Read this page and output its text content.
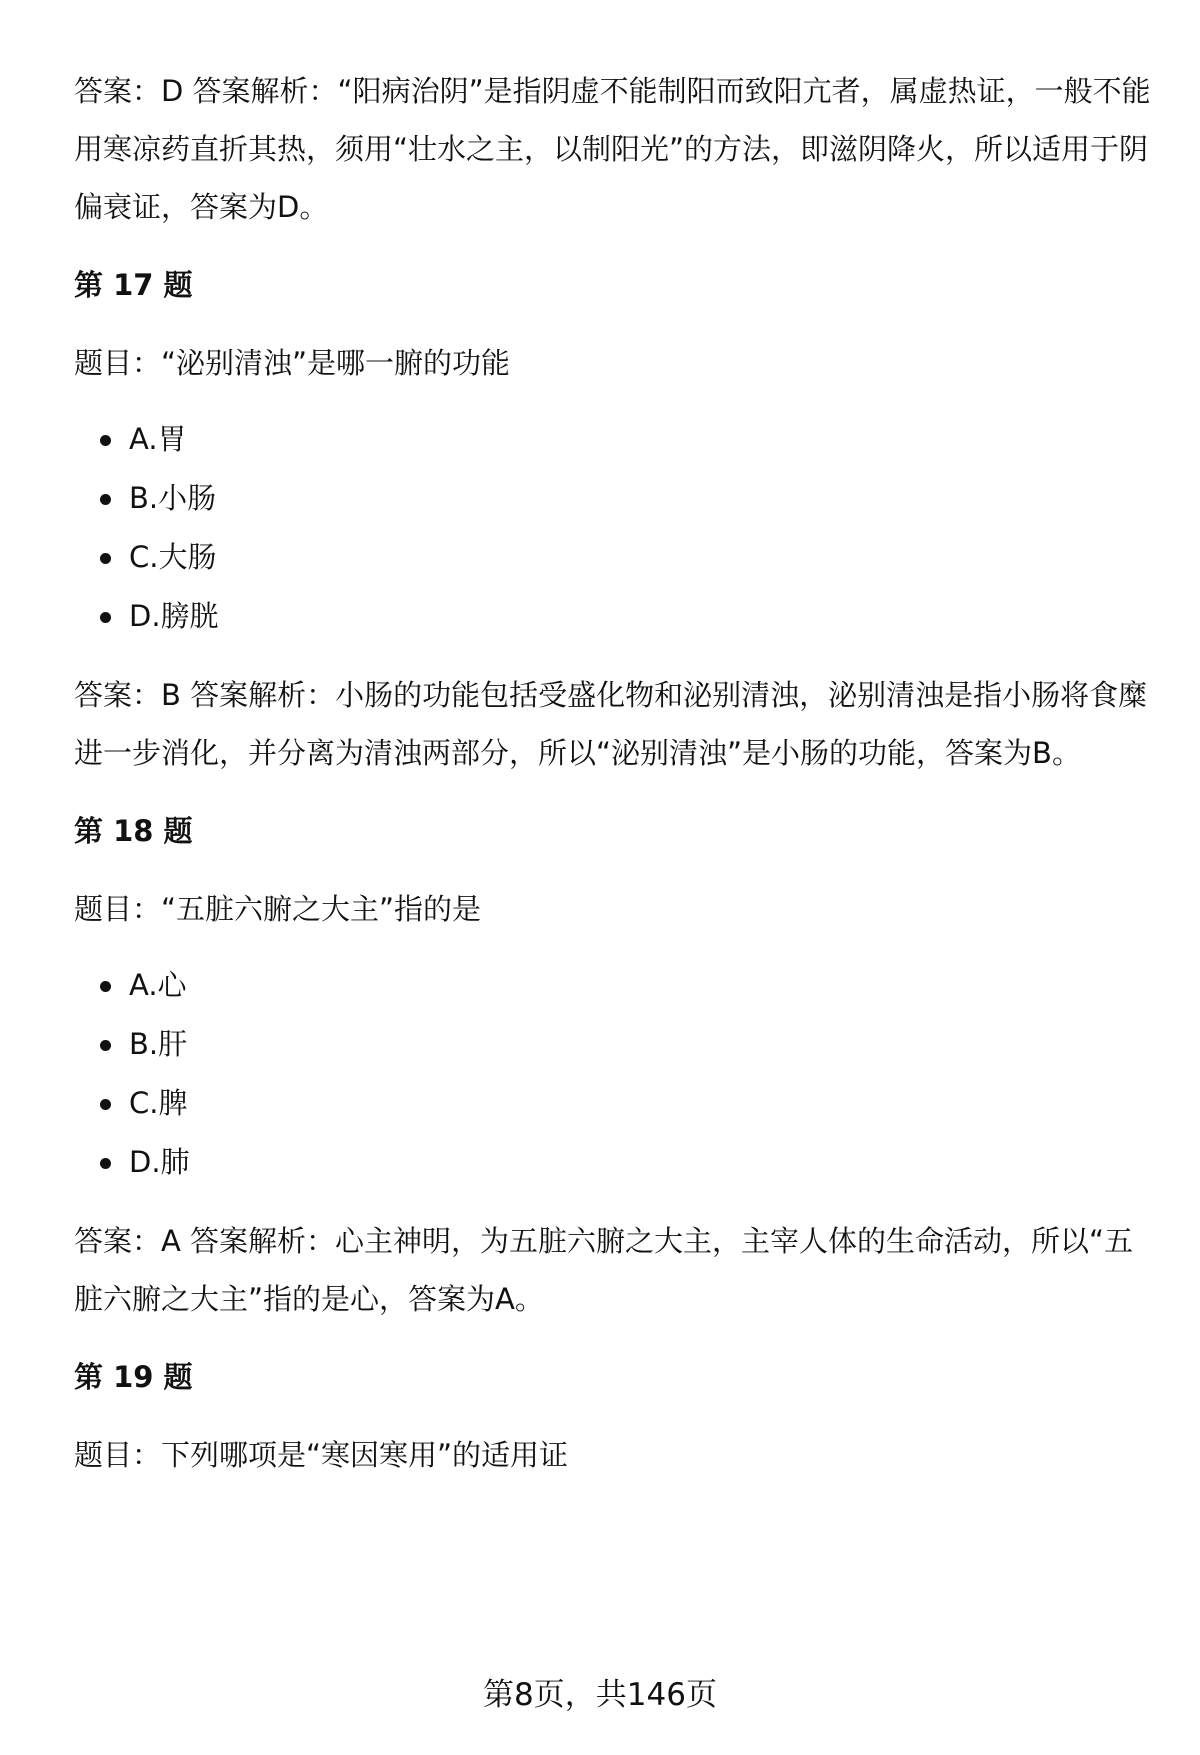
答案：D 答案解析：“阳病治阴”是指阴虚不能制阳而致阳亢者，属虚热证，一般不能用寒凉药直折其热，须用“壮水之主，以制阳光”的方法，即滋阴降火，所以适用于阴偏衰证，答案为D。

第 17 题

题目：“泌别清浊”是哪一腑的功能

A.胃
B.小肠
C.大肠
D.膀胱

答案：B 答案解析：小肠的功能包括受盛化物和泌别清浊，泌别清浊是指小肠将食糜进一步消化，并分离为清浊两部分，所以“泌别清浊”是小肠的功能，答案为B。

第 18 题

题目：“五脏六腑之大主”指的是

A.心
B.肝
C.脾
D.肺

答案：A 答案解析：心主神明，为五脏六腑之大主，主宰人体的生命活动，所以“五脏六腑之大主”指的是心，答案为A。

第 19 题

题目：下列哪项是“寒因寒用”的适用证

第8页，共146页
